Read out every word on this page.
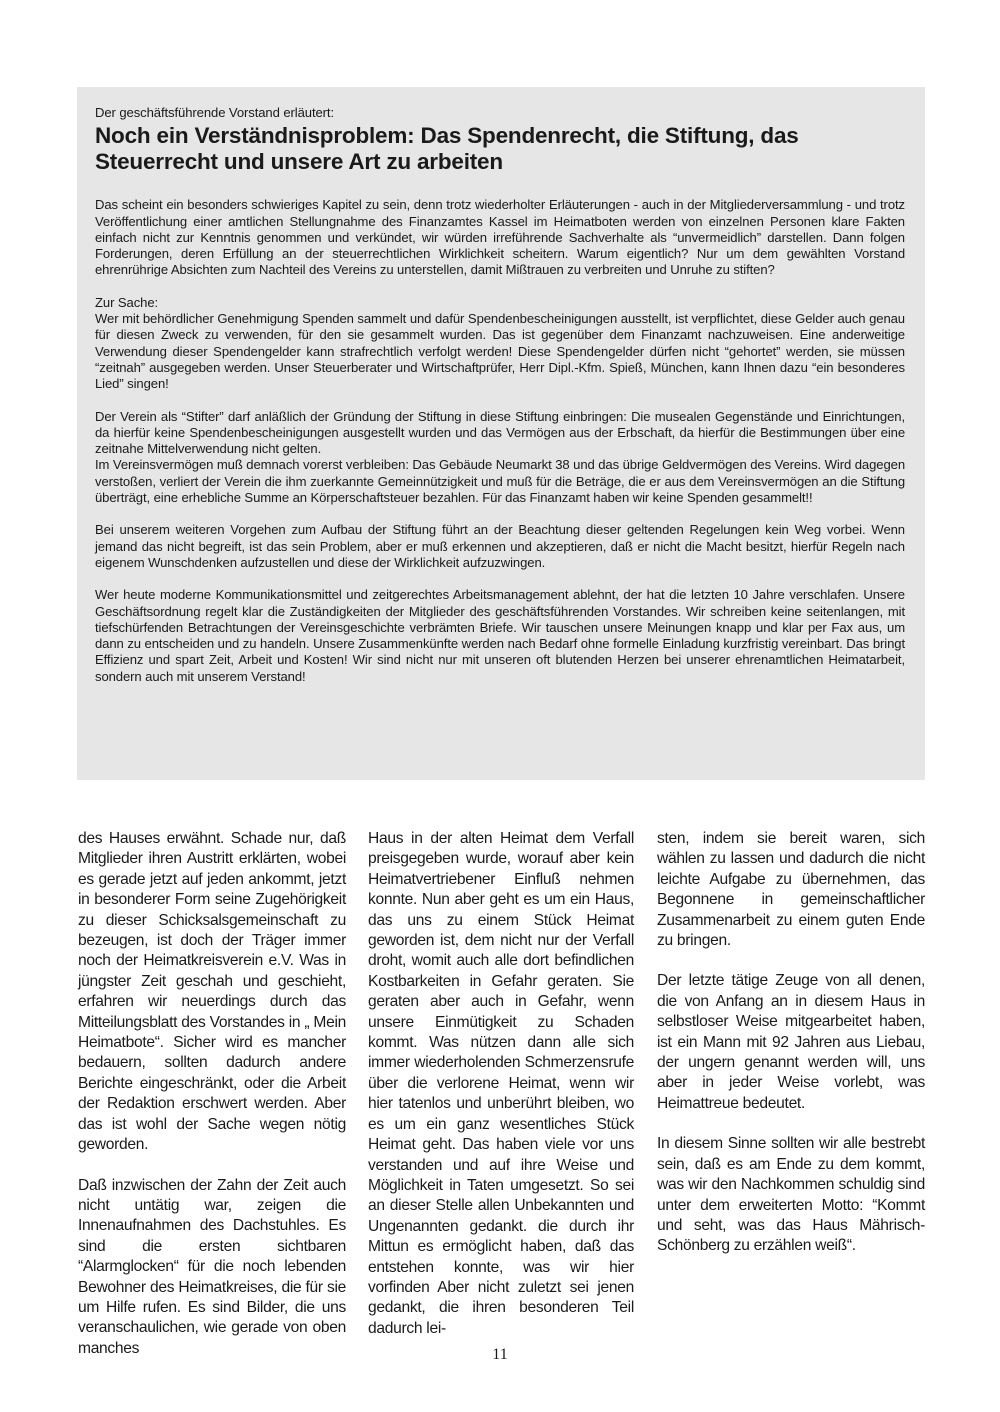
Der geschäftsführende Vorstand erläutert:

Noch ein Verständnisproblem: Das Spendenrecht, die Stiftung, das Steuerrecht und unsere Art zu arbeiten

Das scheint ein besonders schwieriges Kapitel zu sein, denn trotz wiederholter Erläuterungen - auch in der Mitgliederversammlung - und trotz Veröffentlichung einer amtlichen Stellungnahme des Finanzamtes Kassel im Heimatboten werden von einzelnen Personen klare Fakten einfach nicht zur Kenntnis genommen und verkündet, wir würden irreführende Sachverhalte als “unvermeidlich” darstellen. Dann folgen Forderungen, deren Erfüllung an der steuerrechtlichen Wirklichkeit scheitern. Warum eigentlich? Nur um dem gewählten Vorstand ehrenrührige Absichten zum Nachteil des Vereins zu unterstellen, damit Mißtrauen zu verbreiten und Unruhe zu stiften?

Zur Sache:

Wer mit behördlicher Genehmigung Spenden sammelt und dafür Spendenbescheinigungen ausstellt, ist verpflichtet, diese Gelder auch genau für diesen Zweck zu verwenden, für den sie gesammelt wurden. Das ist gegenüber dem Finanzamt nachzuweisen. Eine anderweitige Verwendung dieser Spendengelder kann strafrechtlich verfolgt werden! Diese Spendengelder dürfen nicht “gehortet” werden, sie müssen “zeitnah” ausgegeben werden. Unser Steuerberater und Wirtschaftprüfer, Herr Dipl.-Kfm. Spieß, München, kann Ihnen dazu “ein besonderes Lied” singen!

Der Verein als “Stifter” darf anläßlich der Gründung der Stiftung in diese Stiftung einbringen: Die musealen Gegenstände und Einrichtungen, da hierfür keine Spendenbescheinigungen ausgestellt wurden und das Vermögen aus der Erbschaft, da hierfür die Bestimmungen über eine zeitnahe Mittelverwendung nicht gelten.

Im Vereinsvermögen muß demnach vorerst verbleiben: Das Gebäude Neumarkt 38 und das übrige Geldvermögen des Vereins. Wird dagegen verstoßen, verliert der Verein die ihm zuerkannte Gemeinnützigkeit und muß für die Beträge, die er aus dem Vereinsvermögen an die Stiftung überträgt, eine erhebliche Summe an Körperschaftsteuer bezahlen. Für das Finanzamt haben wir keine Spenden gesammelt!!

Bei unserem weiteren Vorgehen zum Aufbau der Stiftung führt an der Beachtung dieser geltenden Regelungen kein Weg vorbei. Wenn jemand das nicht begreift, ist das sein Problem, aber er muß erkennen und akzeptieren, daß er nicht die Macht besitzt, hierfür Regeln nach eigenem Wunschdenken aufzustellen und diese der Wirklichkeit aufzuzwingen.

Wer heute moderne Kommunikationsmittel und zeitgerechtes Arbeitsmanagement ablehnt, der hat die letzten 10 Jahre verschlafen. Unsere Geschäftsordnung regelt klar die Zuständigkeiten der Mitglieder des geschäftsführenden Vorstandes. Wir schreiben keine seitenlangen, mit tiefschürfenden Betrachtungen der Vereinsgeschichte verbrämten Briefe. Wir tauschen unsere Meinungen knapp und klar per Fax aus, um dann zu entscheiden und zu handeln. Unsere Zusammenkünfte werden nach Bedarf ohne formelle Einladung kurzfristig vereinbart. Das bringt Effizienz und spart Zeit, Arbeit und Kosten! Wir sind nicht nur mit unseren oft blutenden Herzen bei unserer ehrenamtlichen Heimatarbeit, sondern auch mit unserem Verstand!

des Hauses erwähnt. Schade nur, daß Mitglieder ihren Austritt erklärten, wobei es gerade jetzt auf jeden ankommt, jetzt in besonderer Form seine Zugehörigkeit zu dieser Schicksalsgemeinschaft zu bezeugen, ist doch der Träger immer noch der Heimatkreisverein e.V. Was in jüngster Zeit geschah und geschieht, erfahren wir neuerdings durch das Mitteilungsblatt des Vorstandes in „ Mein Heimatbote“. Sicher wird es mancher bedauern, sollten dadurch andere Berichte eingeschränkt, oder die Arbeit der Redaktion erschwert werden. Aber das ist wohl der Sache wegen nötig geworden.

Daß inzwischen der Zahn der Zeit auch nicht untätig war, zeigen die Innenaufnahmen des Dachstuhles. Es sind die ersten sichtbaren “Alarmglocken“ für die noch lebenden Bewohner des Heimatkreises, die für sie um Hilfe rufen. Es sind Bilder, die uns veranschaulichen, wie gerade von oben manches

Haus in der alten Heimat dem Verfall preisgegeben wurde, worauf aber kein Heimatvertriebener Einfluß nehmen konnte. Nun aber geht es um ein Haus, das uns zu einem Stück Heimat geworden ist, dem nicht nur der Verfall droht, womit auch alle dort befindlichen Kostbarkeiten in Gefahr geraten. Sie geraten aber auch in Gefahr, wenn unsere Einmütigkeit zu Schaden kommt. Was nützen dann alle sich immer wiederholenden Schmerzensrufe über die verlorene Heimat, wenn wir hier tatenlos und unberührt bleiben, wo es um ein ganz wesentliches Stück Heimat geht. Das haben viele vor uns verstanden und auf ihre Weise und Möglichkeit in Taten umgesetzt. So sei an dieser Stelle allen Unbekannten und Ungenannten gedankt. die durch ihr Mittun es ermöglicht haben, daß das entstehen konnte, was wir hier vorfinden Aber nicht zuletzt sei jenen gedankt, die ihren besonderen Teil dadurch lei-

sten, indem sie bereit waren, sich wählen zu lassen und dadurch die nicht leichte Aufgabe zu übernehmen, das Begonnene in gemeinschaftlicher Zusammenarbeit zu einem guten Ende zu bringen.

Der letzte tätige Zeuge von all denen, die von Anfang an in diesem Haus in selbstloser Weise mitgearbeitet haben, ist ein Mann mit 92 Jahren aus Liebau, der ungern genannt werden will, uns aber in jeder Weise vorlebt, was Heimattreue bedeutet.

In diesem Sinne sollten wir alle bestrebt sein, daß es am Ende zu dem kommt, was wir den Nachkommen schuldig sind unter dem erweiterten Motto: “Kommt und seht, was das Haus Mährisch-Schönberg zu erzählen weiß“.

11
